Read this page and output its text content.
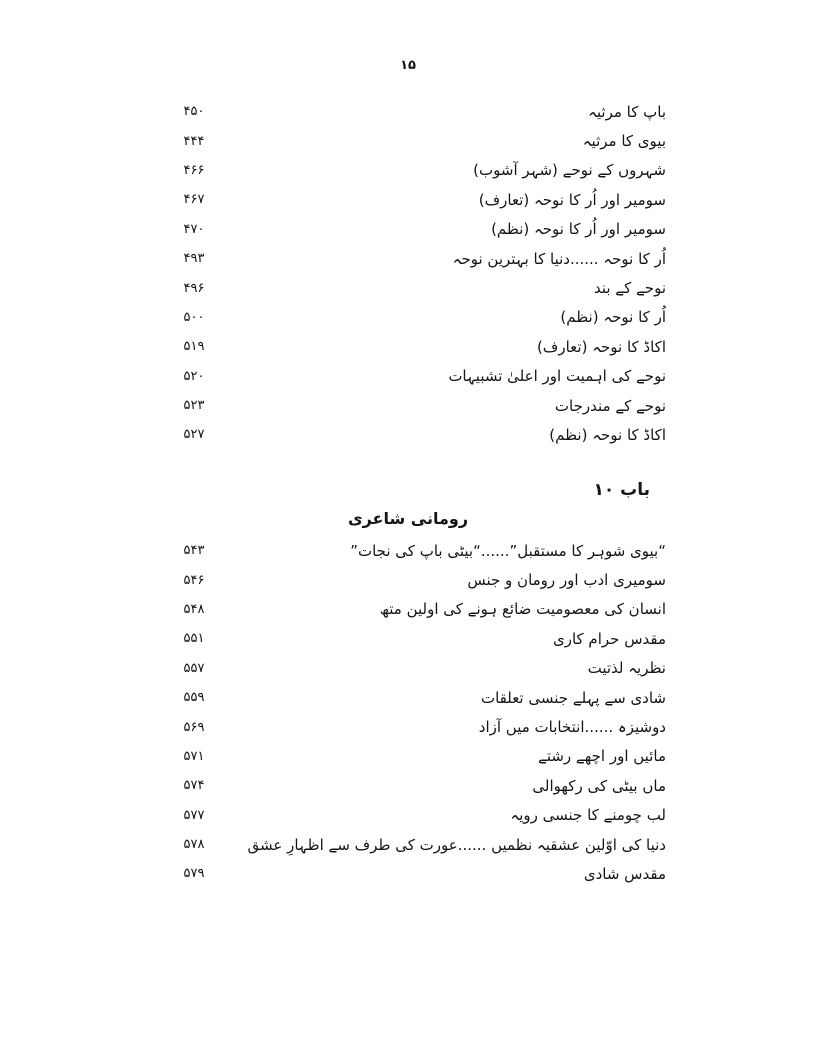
۱۵
۴۵۰	باپ کا مرثیہ
۴۴۴	بیوی کا مرثیہ
۴۶۶	شہروں کے نوحے (شہر آشوب)
۴۶۷	سومیر اور اُر کا نوحہ (تعارف)
۴۷۰	سومیر اور اُر کا نوحہ (نظم)
۴۹۳	اُر کا نوحہ ......دنیا کا بہترین نوحہ
۴۹۶	نوحے کے بند
۵۰۰	اُر کا نوحہ (نظم)
۵۱۹	اکاڈ کا نوحہ (تعارف)
۵۲۰	نوحے کی اہمیت اور اعلیٰ تشبیہات
۵۲۳	نوحے کے مندرجات
۵۲۷	اکاڈ کا نوحہ (نظم)
باب ۱۰
رومانی شاعری
۵۴۳	“بیوی شوہر کا مستقبل”......“بیٹی باپ کی نجات”
۵۴۶	سومیری ادب اور رومان و جنس
۵۴۸	انسان کی معصومیت ضائع ہونے کی اولین متھ
۵۵۱	مقدس حرام کاری
۵۵۷	نظریہ لذتیت
۵۵۹	شادی سے پہلے جنسی تعلقات
۵۶۹	دوشیزہ ......انتخابات میں آزاد
۵۷۱	مائیں اور اچھے رشتے
۵۷۴	ماں بیٹی کی رکھوالی
۵۷۷	لب چومنے کا جنسی رویہ
۵۷۸	دنیا کی اوّلین عشقیہ نظمیں ......عورت کی طرف سے اظہارِ عشق
۵۷۹	مقدس شادی
